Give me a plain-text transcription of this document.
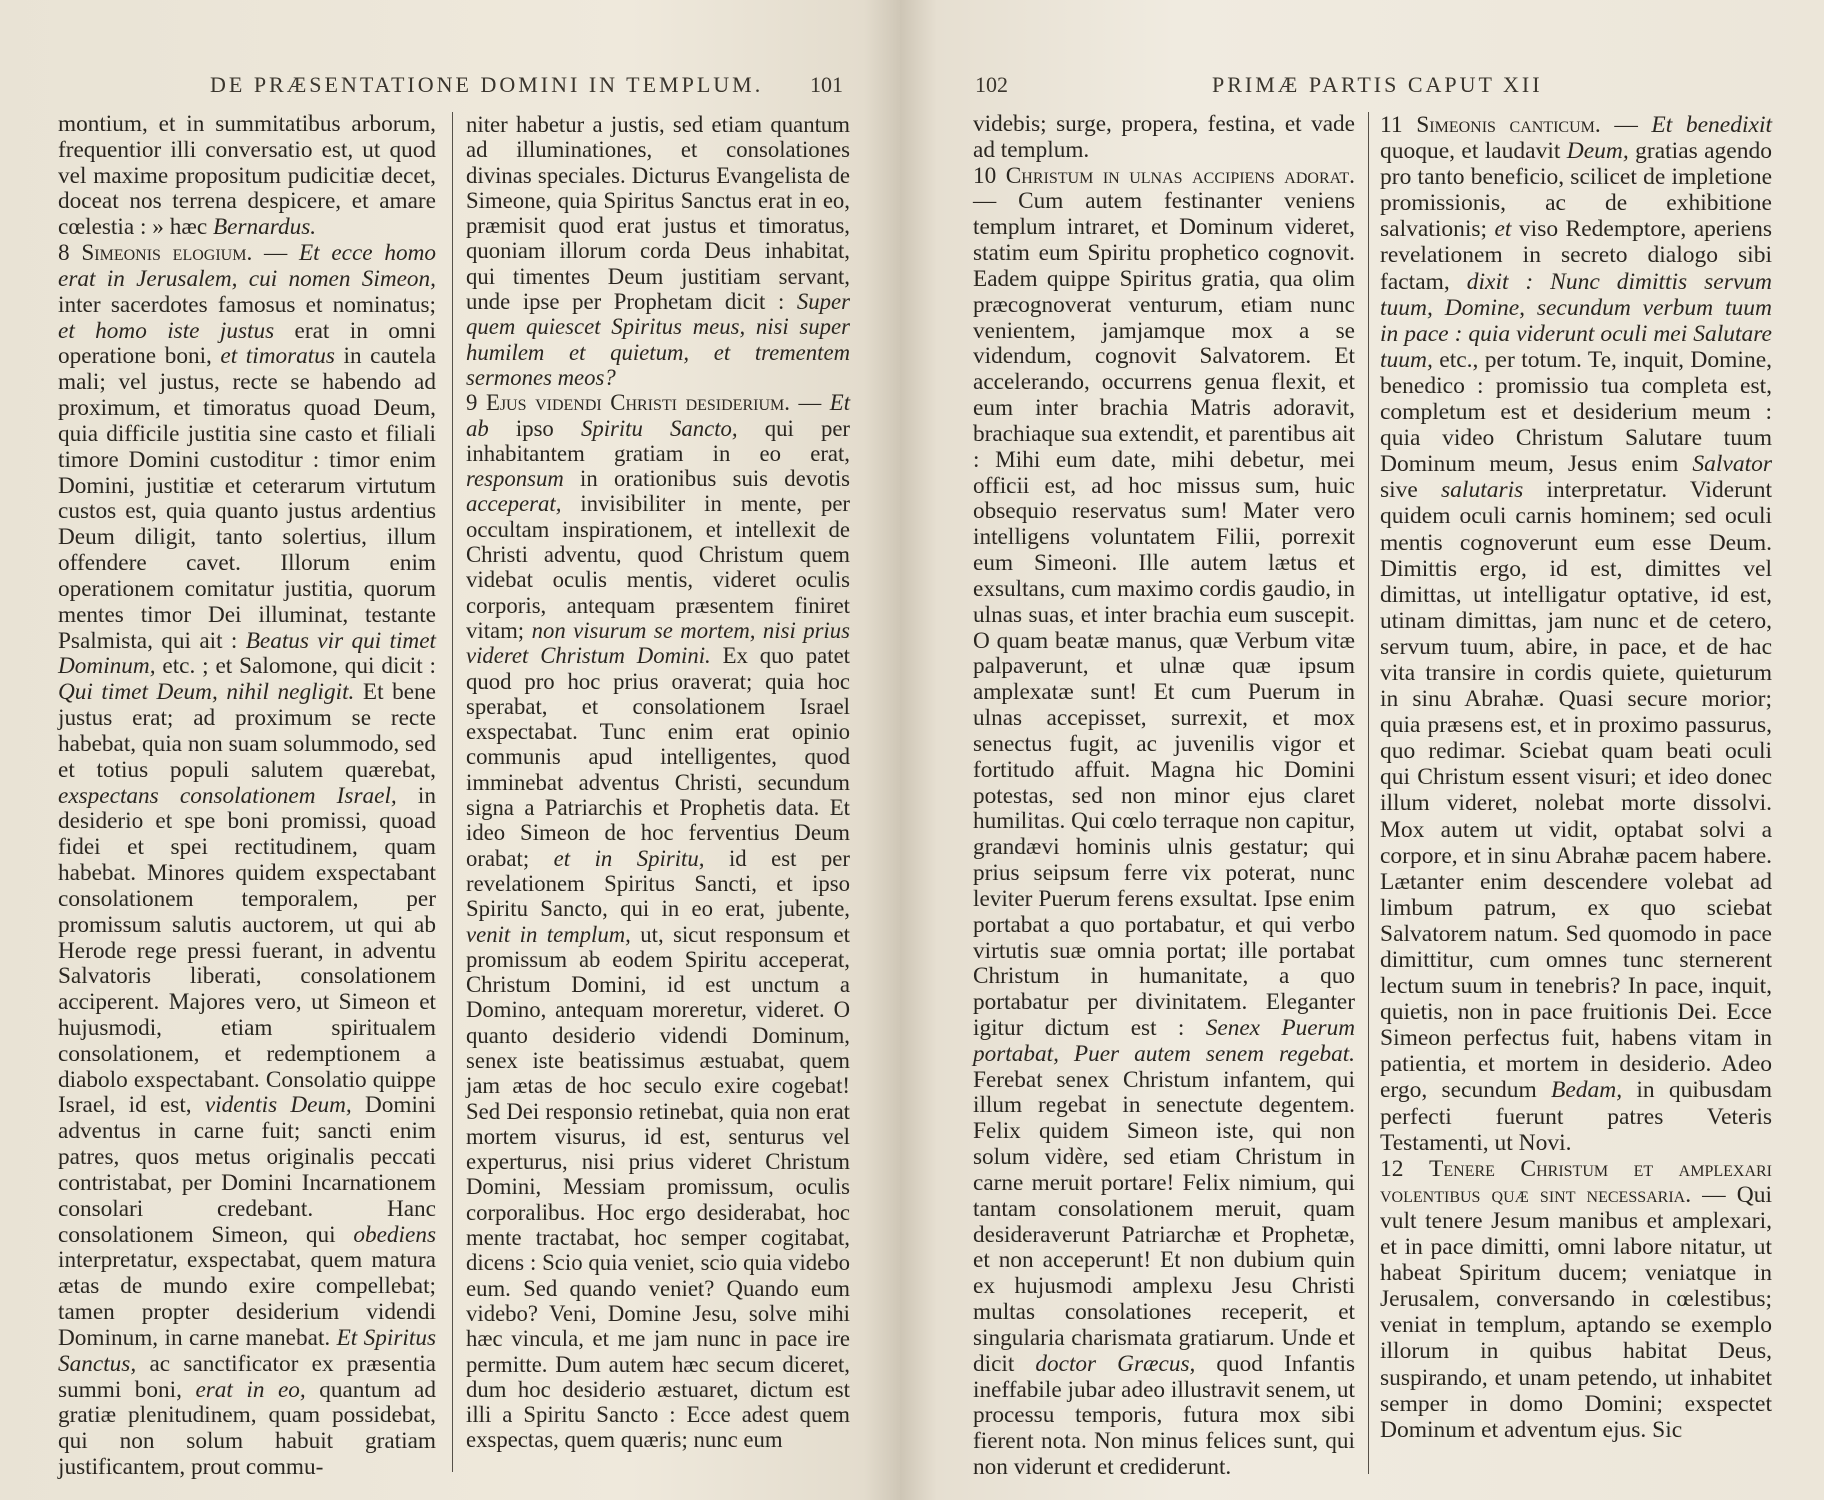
DE PRÆSENTATIONE DOMINI IN TEMPLUM. 101

montium, et in summitatibus arborum, frequentior illi conversatio est, ut quod vel maxime propositum pudicitiæ decet, doceat nos terrena despicere, et amare cœlestia : » hæc Bernardus.

8 Simeonis elogium. — Et ecce homo erat in Jerusalem, cui nomen Simeon, inter sacerdotes famosus et nominatus; et homo iste justus erat in omni operatione boni, et timoratus in cautela mali; vel justus, recte se habendo ad proximum, et timoratus quoad Deum, quia difficile justitia sine casto et filiali timore Domini custoditur : timor enim Domini, justitiæ et ceterarum virtutum custos est, quia quanto justus ardentius Deum diligit, tanto solertius, illum offendere cavet. Illorum enim operationem comitatur justitia, quorum mentes timor Dei illuminat, testante Psalmista, qui ait : Beatus vir qui timet Dominum, etc. ; et Salomone, qui dicit : Qui timet Deum, nihil negligit. Et bene justus erat; ad proximum se recte habebat, quia non suam solummodo, sed et totius populi salutem quærebat, exspectans consolationem Israel, in desiderio et spe boni promissi, quoad fidei et spei rectitudinem, quam habebat. Minores quidem exspectabant consolationem temporalem, per promissum salutis auctorem, ut qui ab Herode rege pressi fuerant, in adventu Salvatoris liberati, consolationem acciperent. Majores vero, ut Simeon et hujusmodi, etiam spiritualem consolationem, et redemptionem a diabolo exspectabant. Consolatio quippe Israel, id est, videntis Deum, Domini adventus in carne fuit; sancti enim patres, quos metus originalis peccati contristabat, per Domini Incarnationem consolari credebant. Hanc consolationem Simeon, qui obediens interpretatur, exspectabat, quem matura ætas de mundo exire compellebat; tamen propter desiderium videndi Dominum, in carne manebat. Et Spiritus Sanctus, ac sanctificator ex præsentia summi boni, erat in eo, quantum ad gratiæ plenitudinem, quam possidebat, qui non solum habuit gratiam justificantem, prout commu-

niter habetur a justis, sed etiam quantum ad illuminationes, et consolationes divinas speciales. Dicturus Evangelista de Simeone, quia Spiritus Sanctus erat in eo, præmisit quod erat justus et timoratus, quoniam illorum corda Deus inhabitat, qui timentes Deum justitiam servant, unde ipse per Prophetam dicit : Super quem quiescet Spiritus meus, nisi super humilem et quietum, et trementem sermones meos?

9 Ejus videndi Christi desiderium. — Et ab ipso Spiritu Sancto, qui per inhabitantem gratiam in eo erat, responsum in orationibus suis devotis acceperat, invisibiliter in mente, per occultam inspirationem, et intellexit de Christi adventu, quod Christum quem videbat oculis mentis, videret oculis corporis, antequam præsentem finiret vitam; non visurum se mortem, nisi prius videret Christum Domini. Ex quo patet quod pro hoc prius oraverat; quia hoc sperabat, et consolationem Israel exspectabat. Tunc enim erat opinio communis apud intelligentes, quod imminebat adventus Christi, secundum signa a Patriarchis et Prophetis data. Et ideo Simeon de hoc ferventius Deum orabat; et in Spiritu, id est per revelationem Spiritus Sancti, et ipso Spiritu Sancto, qui in eo erat, jubente, venit in templum, ut, sicut responsum et promissum ab eodem Spiritu acceperat, Christum Domini, id est unctum a Domino, antequam moreretur, videret. O quanto desiderio videndi Dominum, senex iste beatissimus æstuabat, quem jam ætas de hoc seculo exire cogebat! Sed Dei responsio retinebat, quia non erat mortem visurus, id est, senturus vel experturus, nisi prius videret Christum Domini, Messiam promissum, oculis corporalibus. Hoc ergo desiderabat, hoc mente tractabat, hoc semper cogitabat, dicens : Scio quia veniet, scio quia videbo eum. Sed quando veniet? Quando eum videbo? Veni, Domine Jesu, solve mihi hæc vincula, et me jam nunc in pace ire permitte. Dum autem hæc secum diceret, dum hoc desiderio æstuaret, dictum est illi a Spiritu Sancto : Ecce adest quem exspectas, quem quæris; nunc eum

102	PRIMÆ PARTIS CAPUT XII

videbis; surge, propera, festina, et vade ad templum.

10 Christum in ulnas accipiens adorat. — Cum autem festinanter veniens templum intraret, et Dominum videret, statim eum Spiritu prophetico cognovit. Eadem quippe Spiritus gratia, qua olim præcognoverat venturum, etiam nunc venientem, jamjamque mox a se videndum, cognovit Salvatorem. Et accelerando, occurrens genua flexit, et eum inter brachia Matris adoravit, brachiaque sua extendit, et parentibus ait : Mihi eum date, mihi debetur, mei officii est, ad hoc missus sum, huic obsequio reservatus sum! Mater vero intelligens voluntatem Filii, porrexit eum Simeoni. Ille autem lætus et exsultans, cum maximo cordis gaudio, in ulnas suas, et inter brachia eum suscepit. O quam beatæ manus, quæ Verbum vitæ palpaverunt, et ulnæ quæ ipsum amplexatæ sunt! Et cum Puerum in ulnas accepisset, surrexit, et mox senectus fugit, ac juvenilis vigor et fortitudo affuit. Magna hic Domini potestas, sed non minor ejus claret humilitas. Qui cœlo terraque non capitur, grandævi hominis ulnis gestatur; qui prius seipsum ferre vix poterat, nunc leviter Puerum ferens exsultat. Ipse enim portabat a quo portabatur, et qui verbo virtutis suæ omnia portat; ille portabat Christum in humanitate, a quo portabatur per divinitatem. Eleganter igitur dictum est : Senex Puerum portabat, Puer autem senem regebat. Ferebat senex Christum infantem, qui illum regebat in senectute degentem. Felix quidem Simeon iste, qui non solum vidère, sed etiam Christum in carne meruit portare! Felix nimium, qui tantam consolationem meruit, quam desideraverunt Patriarchæ et Prophetæ, et non acceperunt! Et non dubium quin ex hujusmodi amplexu Jesu Christi multas consolationes receperit, et singularia charismata gratiarum. Unde et dicit doctor Græcus, quod Infantis ineffabile jubar adeo illustravit senem, ut processu temporis, futura mox sibi fierent nota. Non minus felices sunt, qui non viderunt et crediderunt.

11 Simeonis canticum. — Et benedixit quoque, et laudavit Deum, gratias agendo pro tanto beneficio, scilicet de impletione promissionis, ac de exhibitione salvationis; et viso Redemptore, aperiens revelationem in secreto dialogo sibi factam, dixit : Nunc dimittis servum tuum, Domine, secundum verbum tuum in pace : quia viderunt oculi mei Salutare tuum, etc., per totum. Te, inquit, Domine, benedico : promissio tua completa est, completum est et desiderium meum : quia video Christum Salutare tuum Dominum meum, Jesus enim Salvator sive salutaris interpretatur. Viderunt quidem oculi carnis hominem; sed oculi mentis cognoverunt eum esse Deum. Dimittis ergo, id est, dimittes vel dimittas, ut intelligatur optative, id est, utinam dimittas, jam nunc et de cetero, servum tuum, abire, in pace, et de hac vita transire in cordis quiete, quieturum in sinu Abrahæ. Quasi secure morior; quia præsens est, et in proximo passurus, quo redimar. Sciebat quam beati oculi qui Christum essent visuri; et ideo donec illum videret, nolebat morte dissolvi. Mox autem ut vidit, optabat solvi a corpore, et in sinu Abrahæ pacem habere. Lætanter enim descendere volebat ad limbum patrum, ex quo sciebat Salvatorem natum. Sed quomodo in pace dimittitur, cum omnes tunc sternerent lectum suum in tenebris? In pace, inquit, quietis, non in pace fruitionis Dei. Ecce Simeon perfectus fuit, habens vitam in patientia, et mortem in desiderio. Adeo ergo, secundum Bedam, in quibusdam perfecti fuerunt patres Veteris Testamenti, ut Novi.

12 Tenere Christum et amplexari volentibus quæ sint necessaria. — Qui vult tenere Jesum manibus et amplexari, et in pace dimitti, omni labore nitatur, ut habeat Spiritum ducem; veniatque in Jerusalem, conversando in cœlestibus; veniat in templum, aptando se exemplo illorum in quibus habitat Deus, suspirando, et unam petendo, ut inhabitet semper in domo Domini; exspectet Dominum et adventum ejus. Sic
